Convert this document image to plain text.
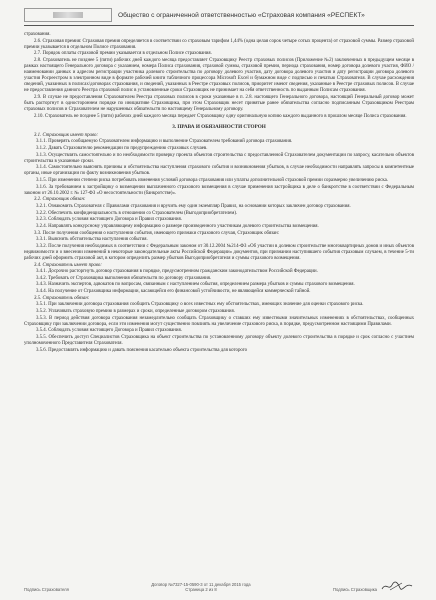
Общество с ограниченной ответственностью «Страховая компания «РЕСПЕКТ»

страхования.

2.6. Страховая премия: Страховая премия определяется в соответствии со страховым тарифом 1,44% (одна целая сорок четыре сотых процента) от страховой суммы. Размер страховой премии указывается в отдельном Полисе страхования.

2.7. Порядок оплаты страховой премии указывается в отдельном Полисе страхования.

2.8. Страхователь не позднее 5 (пяти) рабочих дней каждого месяца предоставляет Страховщику Реестр страховых полисов (Приложение №2) заключенных в предыдущем месяце в рамках настоящего Генерального договора с указанием, номера Полиса страхования, страховой суммы, страховой премии, периода страхования, номер договора долевого участия, ФИО / наименовании данных и адресом регистрации участника долевого строительства по договору долевого участия, дату договора долевого участия и дату регистрации договора долевого участия Росреестром в электронном виде в формате рабочей книги табличного процессора Microsoft Excel и бумажном виде с подписью и печатью Страхователя. В случае расхождения сведений, указанных в полисах/договорах страхования, и сведений, указанных в Реестре страховых полисов, приоритет имеют сведения, указанные в Реестре страховых полисов. В случае не предоставления данного Реестра страховой полис в установленные сроки Страховщик не принимает на себя ответственность по выданным Полисам страхования.

2.9. В случае не предоставления Страхователем Реестра страховых полисов в сроки указанные в п. 2.8. настоящего Генерального договора, настоящий Генеральный договор может быть расторгнут в одностороннем порядке по инициативе Страховщика, при этом Страховщик несет принятые ранее обязательства согласно подписанным Страховщиком Реестрам страховых полисов и Страхователем не нарушенных обязательств по настоящему Генеральному договору.

2.10. Страхователь не позднее 5 (пяти) рабочих дней каждого месяца передает Страховщику одну оригинальную копию каждого выданного в прошлом месяце Полиса страхования.

3. ПРАВА И ОБЯЗАННОСТИ СТОРОН

3.1. Страховщик имеет право:

3.1.1. Проверять сообщаемую Страхователем информацию и выполнение Страхователем требований договора страхования.

3.1.2. Давать Страхователю рекомендации по предупреждению страховых случаев.

3.1.3. Осуществлять самостоятельно и по необходимости проверку проекта объектов строительства с предоставленной Страхователем документации по запросу, касательно объектов строительства в указанные сроки.

3.1.4. Самостоятельно выяснять причины и обстоятельства наступления страхового события и возникновения убытков, в случае необходимости направлять запросы в компетентные органы, иные организации по факту возникновения убытков.

3.1.5. При изменении степени риска потребовать изменения условий договора страхования или уплаты дополнительной страховой премии соразмерно увеличению риска.

3.1.6. За требованием к застройщику о возмещении выплаченного страхового возмещения в случае применения застройщика в деле о банкротстве в соответствии с Федеральным законом от 26.10.2002 г. № 127-ФЗ «О несостоятельности (банкротстве)».

3.2. Страховщик обязан:

3.2.1. Ознакомить Страхователя с Правилами страхования и вручить ему один экземпляр Правил, на основании которых заключен договор страхования.

3.2.2. Обеспечить конфиденциальность в отношении со Страхователем (Выгодоприобретателем).

3.2.3. Соблюдать условия настоящего Договора и Правил страхования.

3.2.4. Направлять конкурсному управляющему информацию о размере произведенного участникам долевого строительства возмещения.

3.3. После получения сообщения о наступлении события, имеющего признаки страхового случая, Страховщик обязан:

3.3.1. Выяснить обстоятельства наступления события.

3.3.2. После получения необходимых в соответствии с Федеральным законом от 30.12.2004 №214-ФЗ «Об участии в долевом строительстве многоквартирных домов и иных объектов недвижимости и о внесении изменений в некоторые законодательные акты Российской Федерации» документов, при признании наступившего события страховым случаем, в течение 5-ти рабочих дней оформить страховой акт, в котором определить размер убытков Выгодоприобретателя и суммы страхового возмещения.

3.4. Страхователь имеет право:

3.4.1. Досрочно расторгнуть договор страхования в порядке, предусмотренном гражданским законодательством Российской Федерации.

3.4.2. Требовать от Страховщика выполнения обязательств по договору страхования.

3.4.3. Назначить экспертов, адвокатов по вопросам, связанным с наступлением события, определением размера убытков и суммы страхового возмещения.

3.4.4. На получение от Страховщика информации, касающейся его финансовой устойчивости, не являющейся коммерческой тайной.

3.5. Страхователь обязан:

3.5.1. При заключении договора страхования сообщить Страховщику о всех известных ему обстоятельствах, имеющих значение для оценки страхового риска.

3.5.2. Уплачивать страховую премию в размерах и сроки, определенные договором страхования.

3.5.3. В период действия договора страхования незамедлительно сообщать Страховщику о ставших ему известными значительных изменениях в обстоятельствах, сообщенных Страховщику при заключении договора, если эти изменения могут существенно повлиять на увеличение страхового риска, в порядке, предусмотренном настоящими Правилами.

3.5.4. Соблюдать условия настоящего Договора и Правил страхования.

3.5.5. Обеспечить доступ Специалистов Страховщика на объект строительства по установленному договору объекту долевого строительства в порядке и срок согласно с участием уполномоченного Представителя Страхователя.

3.5.6. Предоставлять информацию и давать пояснения касательно объекта строительства для которого

Подпись Страхователя
Договор №7327-15-0590-3 от 11 декабря 2015 года
Страница 2 из 8	Подпись Страховщика
